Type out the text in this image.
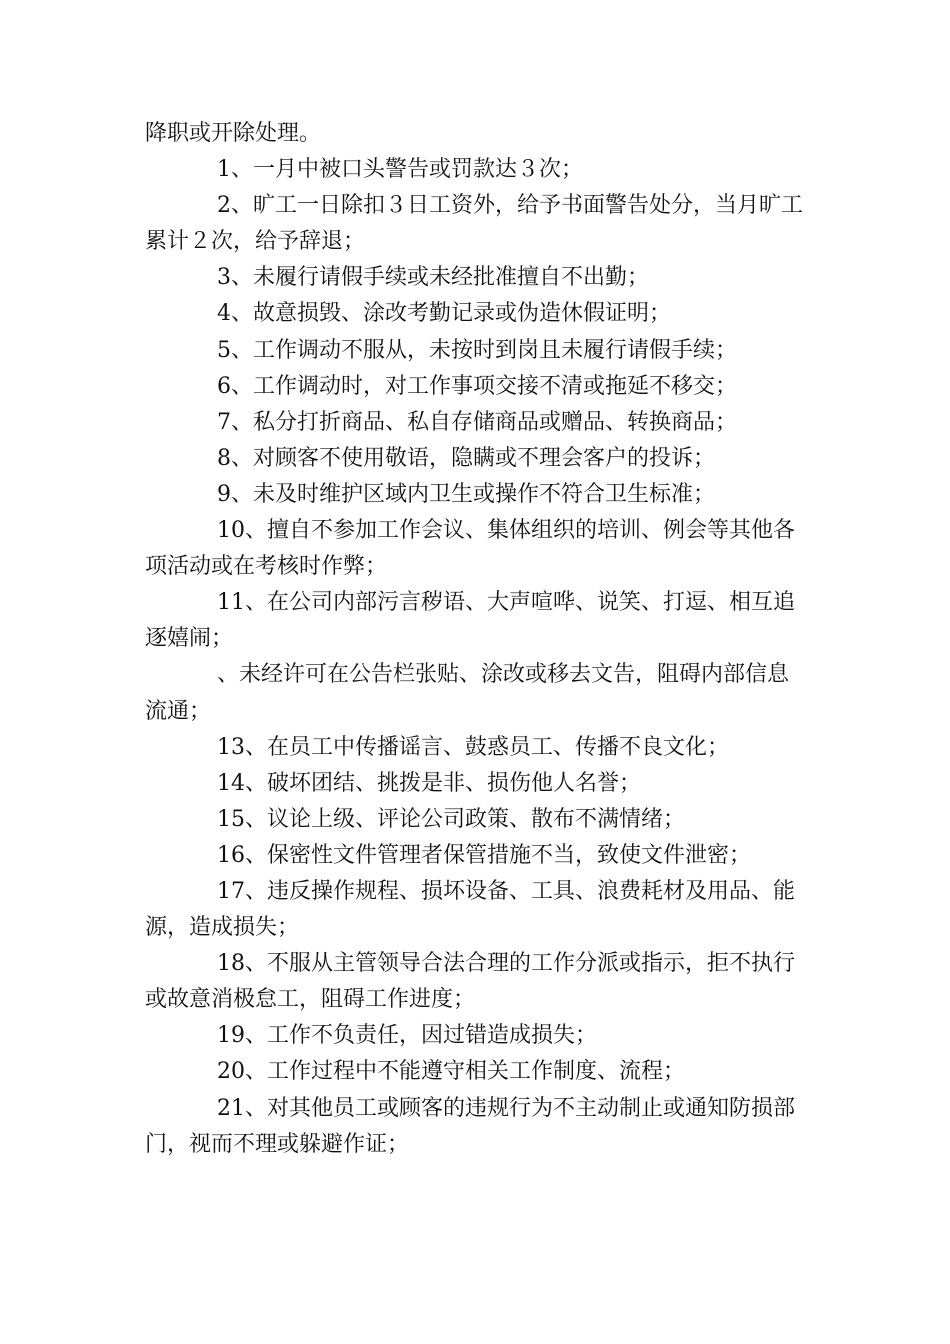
降职或开除处理。

1、一月中被口头警告或罚款达３次；

2、旷工一日除扣３日工资外，给予书面警告处分，当月旷工累计２次，给予辞退；

3、未履行请假手续或未经批准擅自不出勤；

4、故意损毁、涂改考勤记录或伪造休假证明；

5、工作调动不服从，未按时到岗且未履行请假手续；

6、工作调动时，对工作事项交接不清或拖延不移交；

7、私分打折商品、私自存储商品或赠品、转换商品；

8、对顾客不使用敬语，隐瞒或不理会客户的投诉；

9、未及时维护区域内卫生或操作不符合卫生标准；

10、擅自不参加工作会议、集体组织的培训、例会等其他各项活动或在考核时作弊；

11、在公司内部污言秽语、大声喧哗、说笑、打逗、相互追逐嬉闹；

、未经许可在公告栏张贴、涂改或移去文告，阻碍内部信息流通；

13、在员工中传播谣言、鼓惑员工、传播不良文化；

14、破坏团结、挑拨是非、损伤他人名誉；

15、议论上级、评论公司政策、散布不满情绪；

16、保密性文件管理者保管措施不当，致使文件泄密；

17、违反操作规程、损坏设备、工具、浪费耗材及用品、能源，造成损失；

18、不服从主管领导合法合理的工作分派或指示，拒不执行或故意消极怠工，阻碍工作进度；

19、工作不负责任，因过错造成损失；

20、工作过程中不能遵守相关工作制度、流程；

21、对其他员工或顾客的违规行为不主动制止或通知防损部门，视而不理或躲避作证；
